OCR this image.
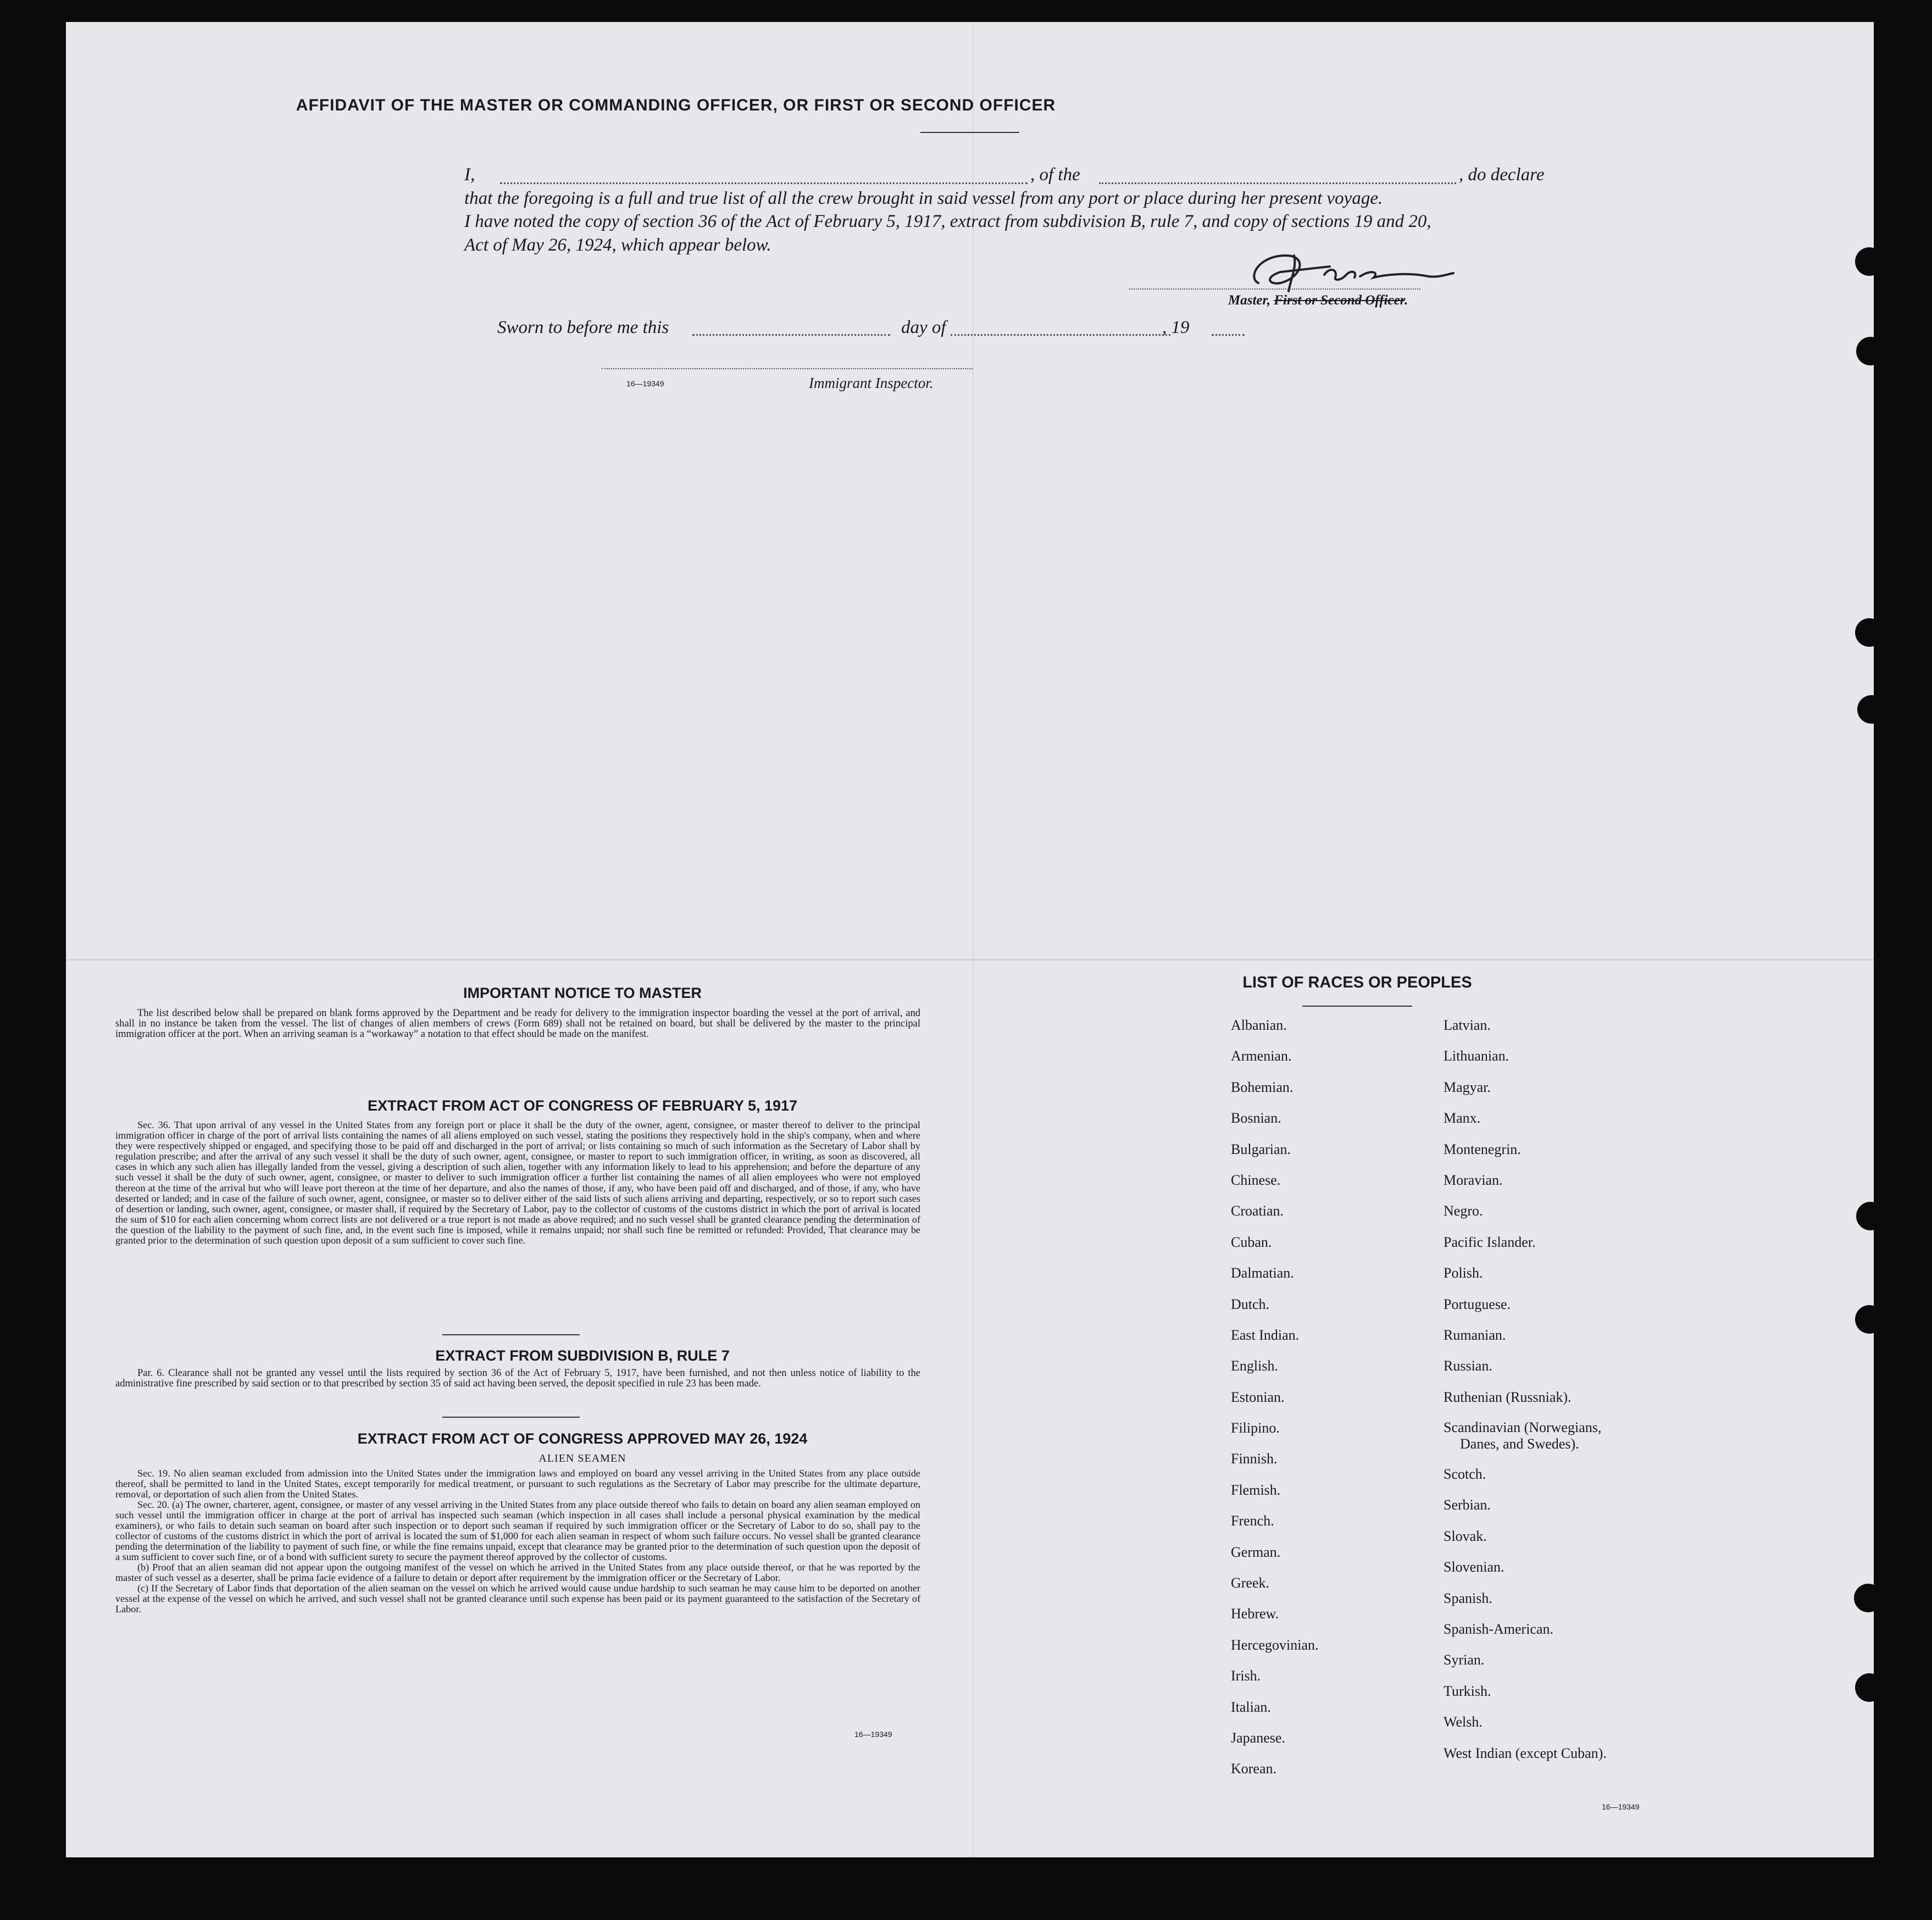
AFFIDAVIT OF THE MASTER OR COMMANDING OFFICER, OR FIRST OR SECOND OFFICER
I,	, of the	, do declare
that the foregoing is a full and true list of all the crew brought in said vessel from any port or place during her present voyage.
I have noted the copy of section 36 of the Act of February 5, 1917, extract from subdivision B, rule 7, and copy of sections 19 and 20,
Act of May 26, 1924, which appear below.
Master, First or Second Officer.
Sworn to before me this	day of	, 19
16—19349	Immigrant Inspector.
IMPORTANT NOTICE TO MASTER

The list described below shall be prepared on blank forms approved by the Department and be ready for delivery to the immigration inspector boarding the vessel at the port of arrival, and shall in no instance be taken from the vessel. The list of changes of alien members of crews (Form 689) shall not be retained on board, but shall be delivered by the master to the principal immigration officer at the port. When an arriving seaman is a “workaway” a notation to that effect should be made on the manifest.

EXTRACT FROM ACT OF CONGRESS OF FEBRUARY 5, 1917

Sec. 36. That upon arrival of any vessel in the United States from any foreign port or place it shall be the duty of the owner, agent, consignee, or master thereof to deliver to the principal immigration officer in charge of the port of arrival lists containing the names of all aliens employed on such vessel, stating the positions they respectively hold in the ship's company, when and where they were respectively shipped or engaged, and specifying those to be paid off and discharged in the port of arrival; or lists containing so much of such information as the Secretary of Labor shall by regulation prescribe; and after the arrival of any such vessel it shall be the duty of such owner, agent, consignee, or master to report to such immigration officer, in writing, as soon as discovered, all cases in which any such alien has illegally landed from the vessel, giving a description of such alien, together with any information likely to lead to his apprehension; and before the departure of any such vessel it shall be the duty of such owner, agent, consignee, or master to deliver to such immigration officer a further list containing the names of all alien employees who were not employed thereon at the time of the arrival but who will leave port thereon at the time of her departure, and also the names of those, if any, who have been paid off and discharged, and of those, if any, who have deserted or landed; and in case of the failure of such owner, agent, consignee, or master so to deliver either of the said lists of such aliens arriving and departing, respectively, or so to report such cases of desertion or landing, such owner, agent, consignee, or master shall, if required by the Secretary of Labor, pay to the collector of customs of the customs district in which the port of arrival is located the sum of $10 for each alien concerning whom correct lists are not delivered or a true report is not made as above required; and no such vessel shall be granted clearance pending the determination of the question of the liability to the payment of such fine, and, in the event such fine is imposed, while it remains unpaid; nor shall such fine be remitted or refunded: Provided, That clearance may be granted prior to the determination of such question upon deposit of a sum sufficient to cover such fine.

EXTRACT FROM SUBDIVISION B, RULE 7

Par. 6. Clearance shall not be granted any vessel until the lists required by section 36 of the Act of February 5, 1917, have been furnished, and not then unless notice of liability to the administrative fine prescribed by said section or to that prescribed by section 35 of said act having been served, the deposit specified in rule 23 has been made.

EXTRACT FROM ACT OF CONGRESS APPROVED MAY 26, 1924
ALIEN SEAMEN

Sec. 19. No alien seaman excluded from admission into the United States under the immigration laws and employed on board any vessel arriving in the United States from any place outside thereof, shall be permitted to land in the United States, except temporarily for medical treatment, or pursuant to such regulations as the Secretary of Labor may prescribe for the ultimate departure, removal, or deportation of such alien from the United States.

Sec. 20. (a) The owner, charterer, agent, consignee, or master of any vessel arriving in the United States from any place outside thereof who fails to detain on board any alien seaman employed on such vessel until the immigration officer in charge at the port of arrival has inspected such seaman (which inspection in all cases shall include a personal physical examination by the medical examiners), or who fails to detain such seaman on board after such inspection or to deport such seaman if required by such immigration officer or the Secretary of Labor to do so, shall pay to the collector of customs of the customs district in which the port of arrival is located the sum of $1,000 for each alien seaman in respect of whom such failure occurs. No vessel shall be granted clearance pending the determination of the liability to payment of such fine, or while the fine remains unpaid, except that clearance may be granted prior to the determination of such question upon the deposit of a sum sufficient to cover such fine, or of a bond with sufficient surety to secure the payment thereof approved by the collector of customs.

(b) Proof that an alien seaman did not appear upon the outgoing manifest of the vessel on which he arrived in the United States from any place outside thereof, or that he was reported by the master of such vessel as a deserter, shall be prima facie evidence of a failure to detain or deport after requirement by the immigration officer or the Secretary of Labor.

(c) If the Secretary of Labor finds that deportation of the alien seaman on the vessel on which he arrived would cause undue hardship to such seaman he may cause him to be deported on another vessel at the expense of the vessel on which he arrived, and such vessel shall not be granted clearance until such expense has been paid or its payment guaranteed to the satisfaction of the Secretary of Labor.

16—19349
LIST OF RACES OR PEOPLES
Albanian.
Armenian.
Bohemian.
Bosnian.
Bulgarian.
Chinese.
Croatian.
Cuban.
Dalmatian.
Dutch.
East Indian.
English.
Estonian.
Filipino.
Finnish.
Flemish.
French.
German.
Greek.
Hebrew.
Hercegovinian.
Irish.
Italian.
Japanese.
Korean.
Latvian.
Lithuanian.
Magyar.
Manx.
Montenegrin.
Moravian.
Negro.
Pacific Islander.
Polish.
Portuguese.
Rumanian.
Russian.
Ruthenian (Russniak).
Scandinavian (Norwegians,
Danes, and Swedes).
Scotch.
Serbian.
Slovak.
Slovenian.
Spanish.
Spanish-American.
Syrian.
Turkish.
Welsh.
West Indian (except Cuban).
16—19349
